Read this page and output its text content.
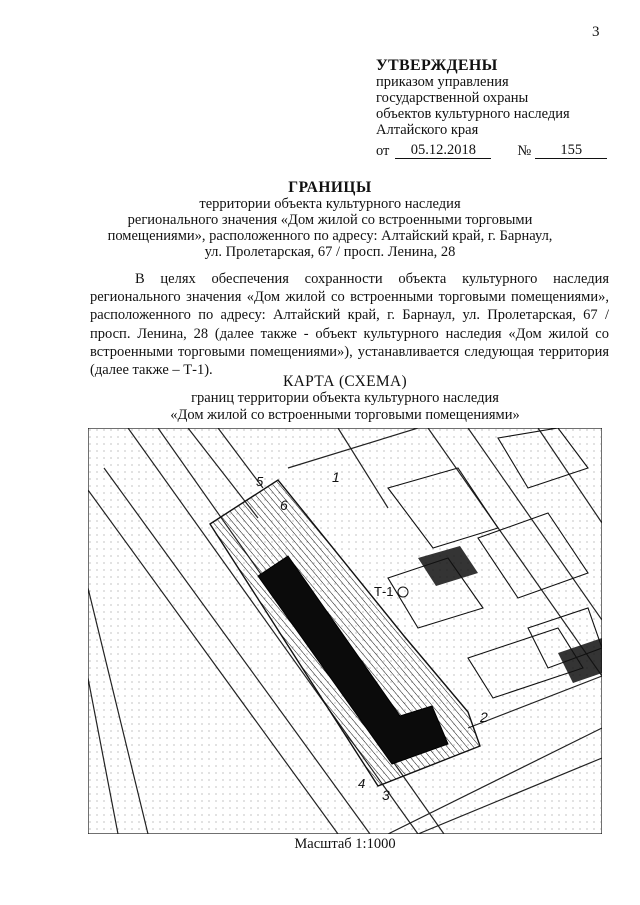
3
УТВЕРЖДЕНЫ
приказом управления
государственной охраны
объектов культурного наследия
Алтайского края
от	05.12.2018	№	155
ГРАНИЦЫ
территории объекта культурного наследия
регионального значения «Дом жилой со встроенными торговыми
помещениями», расположенного по адресу: Алтайский край, г. Барнаул,
ул. Пролетарская, 67 / просп. Ленина, 28
В целях обеспечения сохранности объекта культурного наследия регионального значения «Дом жилой со встроенными торговыми помещениями», расположенного по адресу: Алтайский край, г. Барнаул, ул. Пролетарская, 67 / просп. Ленина, 28 (далее также - объект культурного наследия «Дом жилой со встроенными торговыми помещениями»), устанавливается следующая территория (далее также – Т-1).
КАРТА (СХЕМА)
границ территории объекта культурного наследия
«Дом жилой со встроенными торговыми помещениями»
Т-1
1
2
3
4
5
6
Масштаб 1:1000
